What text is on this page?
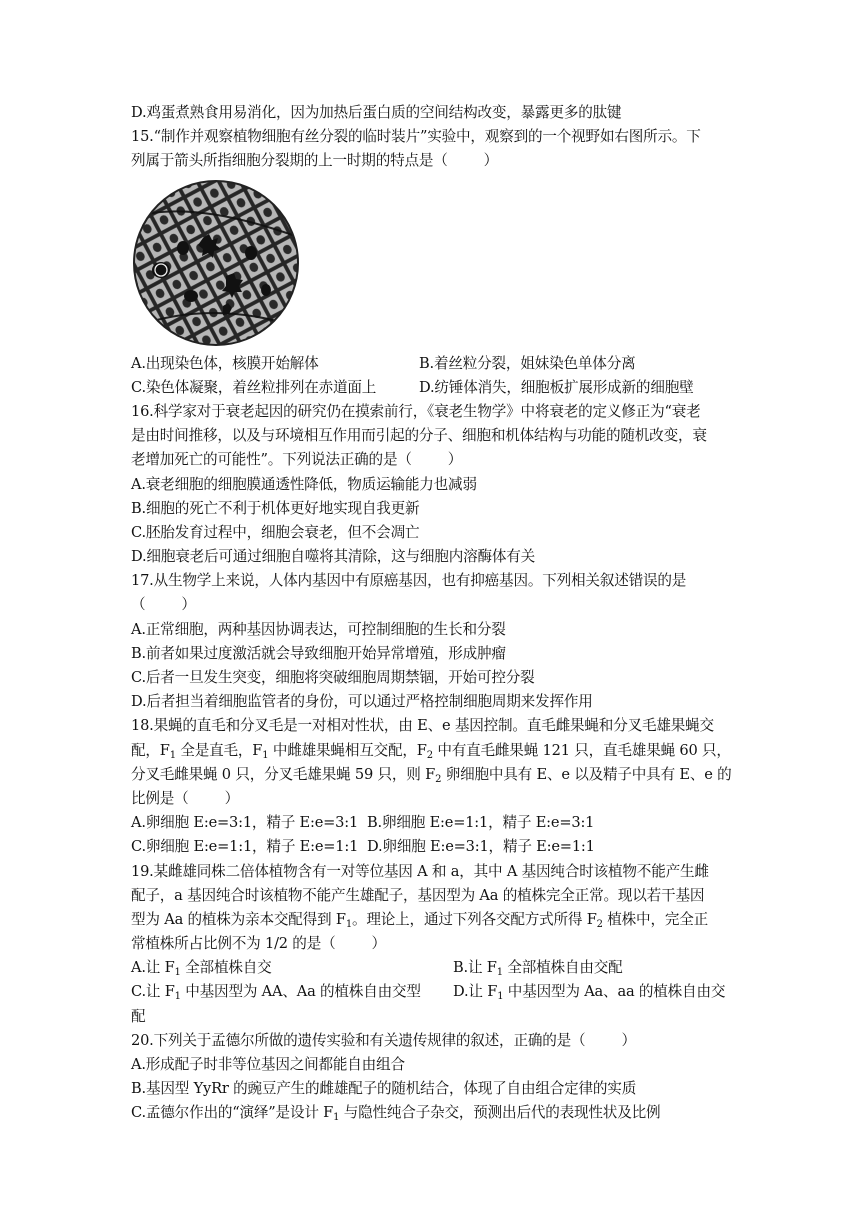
D.鸡蛋煮熟食用易消化，因为加热后蛋白质的空间结构改变，暴露更多的肽键
15.“制作并观察植物细胞有丝分裂的临时装片”实验中，观察到的一个视野如右图所示。下
列属于箭头所指细胞分裂期的上一时期的特点是（ ）
A.出现染色体，核膜开始解体	B.着丝粒分裂，姐妹染色单体分离
C.染色体凝聚，着丝粒排列在赤道面上	D.纺锤体消失，细胞板扩展形成新的细胞壁
16.科学家对于衰老起因的研究仍在摸索前行，《衰老生物学》中将衰老的定义修正为“衰老
是由时间推移，以及与环境相互作用而引起的分子、细胞和机体结构与功能的随机改变，衰
老增加死亡的可能性”。下列说法正确的是（ ）
A.衰老细胞的细胞膜通透性降低，物质运输能力也减弱
B.细胞的死亡不利于机体更好地实现自我更新
C.胚胎发育过程中，细胞会衰老，但不会凋亡
D.细胞衰老后可通过细胞自噬将其清除，这与细胞内溶酶体有关
17.从生物学上来说，人体内基因中有原癌基因，也有抑癌基因。下列相关叙述错误的是
（ ）
A.正常细胞，两种基因协调表达，可控制细胞的生长和分裂
B.前者如果过度激活就会导致细胞开始异常增殖，形成肿瘤
C.后者一旦发生突变，细胞将突破细胞周期禁锢，开始可控分裂
D.后者担当着细胞监管者的身份，可以通过严格控制细胞周期来发挥作用
18.果蝇的直毛和分叉毛是一对相对性状，由 E、e 基因控制。直毛雌果蝇和分叉毛雄果蝇交
配，$F_1$ 全是直毛，$F_1$ 中雌雄果蝇相互交配，$F_2$ 中有直毛雌果蝇 121 只，直毛雄果蝇 60 只，
分叉毛雌果蝇 0 只，分叉毛雄果蝇 59 只，则 $F_2$ 卵细胞中具有 E、e 以及精子中具有 E、e 的
比例是（ ）
A.卵细胞 E:e=3:1，精子 E:e=3:1 B.卵细胞 E:e=1:1，精子 E:e=3:1
C.卵细胞 E:e=1:1，精子 E:e=1:1 D.卵细胞 E:e=3:1，精子 E:e=1:1
19.某雌雄同株二倍体植物含有一对等位基因 A 和 a，其中 A 基因纯合时该植物不能产生雌
配子，a 基因纯合时该植物不能产生雄配子，基因型为 Aa 的植株完全正常。现以若干基因
型为 Aa 的植株为亲本交配得到 $F_1$。理论上，通过下列各交配方式所得 $F_2$ 植株中，完全正
常植株所占比例不为 1/2 的是（ ）
A.让 $F_1$ 全部植株自交	B.让 $F_1$ 全部植株自由交配
C.让 $F_1$ 中基因型为 AA、Aa 的植株自由交型	D.让 $F_1$ 中基因型为 Aa、aa 的植株自由交
配
20.下列关于孟德尔所做的遗传实验和有关遗传规律的叙述，正确的是（ ）
A.形成配子时非等位基因之间都能自由组合
B.基因型 YyRr 的豌豆产生的雌雄配子的随机结合，体现了自由组合定律的实质
C.孟德尔作出的“演绎”是设计 $F_1$ 与隐性纯合子杂交，预测出后代的表现性状及比例
